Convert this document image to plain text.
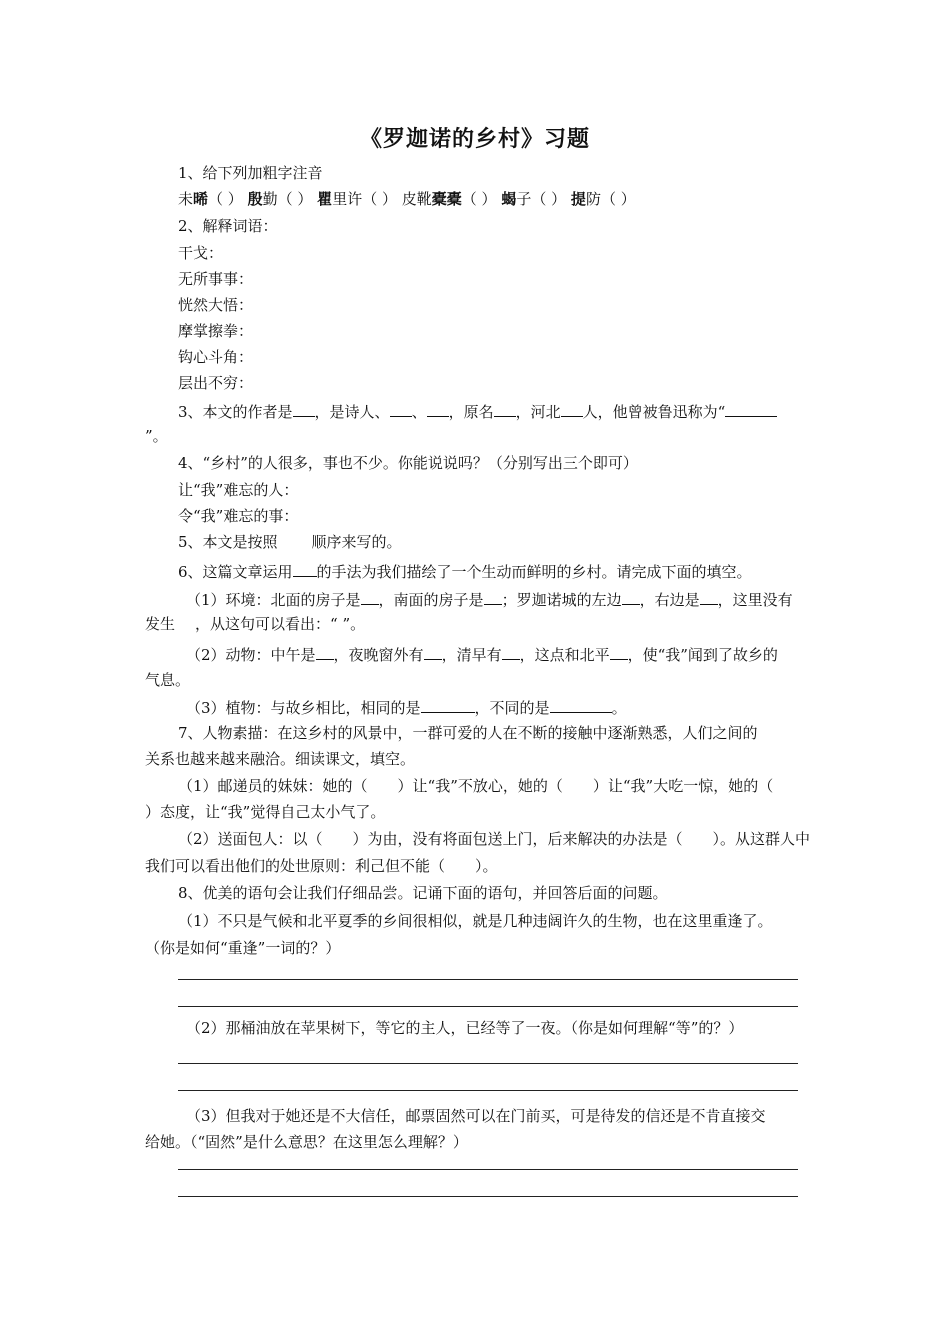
《罗迦诺的乡村》习题
1、给下列加粗字注音
未晞（ ） 殷勤（ ） 瞿里许（ ） 皮靴橐橐（ ） 蝎子（ ） 提防（ ）
2、解释词语：
干戈：
无所事事：
恍然大悟：
摩掌擦拳：
钩心斗角：
层出不穷：
3、本文的作者是 ，是诗人、 、 ，原名 ，河北 人，他曾被鲁迅称为“
”。
4、“乡村”的人很多，事也不少。你能说说吗？（分别写出三个即可）
让“我”难忘的人：
令“我”难忘的事：
5、本文是按照 顺序来写的。
6、这篇文章运用 的手法为我们描绘了一个生动而鲜明的乡村。请完成下面的填空。
（1）环境：北面的房子是 ，南面的房子是 ；罗迦诺城的左边 ，右边是 ，这里没有
发生 ，从这句可以看出：“ ”。
（2）动物：中午是 ，夜晚窗外有 ，清早有 ，这点和北平 ，使“我”闻到了故乡的
气息。
（3）植物：与故乡相比，相同的是	，不同的是	。
7、人物素描：在这乡村的风景中，一群可爱的人在不断的接触中逐渐熟悉，人们之间的
关系也越来越来融洽。细读课文，填空。
（1）邮递员的妹妹：她的（　　）让“我”不放心，她的（　　）让“我”大吃一惊，她的（
）态度，让“我”觉得自己太小气了。
（2）送面包人：以（　　）为由，没有将面包送上门，后来解决的办法是（　　）。从这群人中
我们可以看出他们的处世原则：利己但不能（　　）。
8、优美的语句会让我们仔细品尝。记诵下面的语句，并回答后面的问题。
（1）不只是气候和北平夏季的乡间很相似，就是几种违阔许久的生物，也在这里重逢了。
（你是如何“重逢”一词的？）
（2）那桶油放在苹果树下，等它的主人，已经等了一夜。（你是如何理解“等”的？）
（3）但我对于她还是不大信任，邮票固然可以在门前买，可是待发的信还是不肯直接交
给她。（“固然”是什么意思？在这里怎么理解？）
